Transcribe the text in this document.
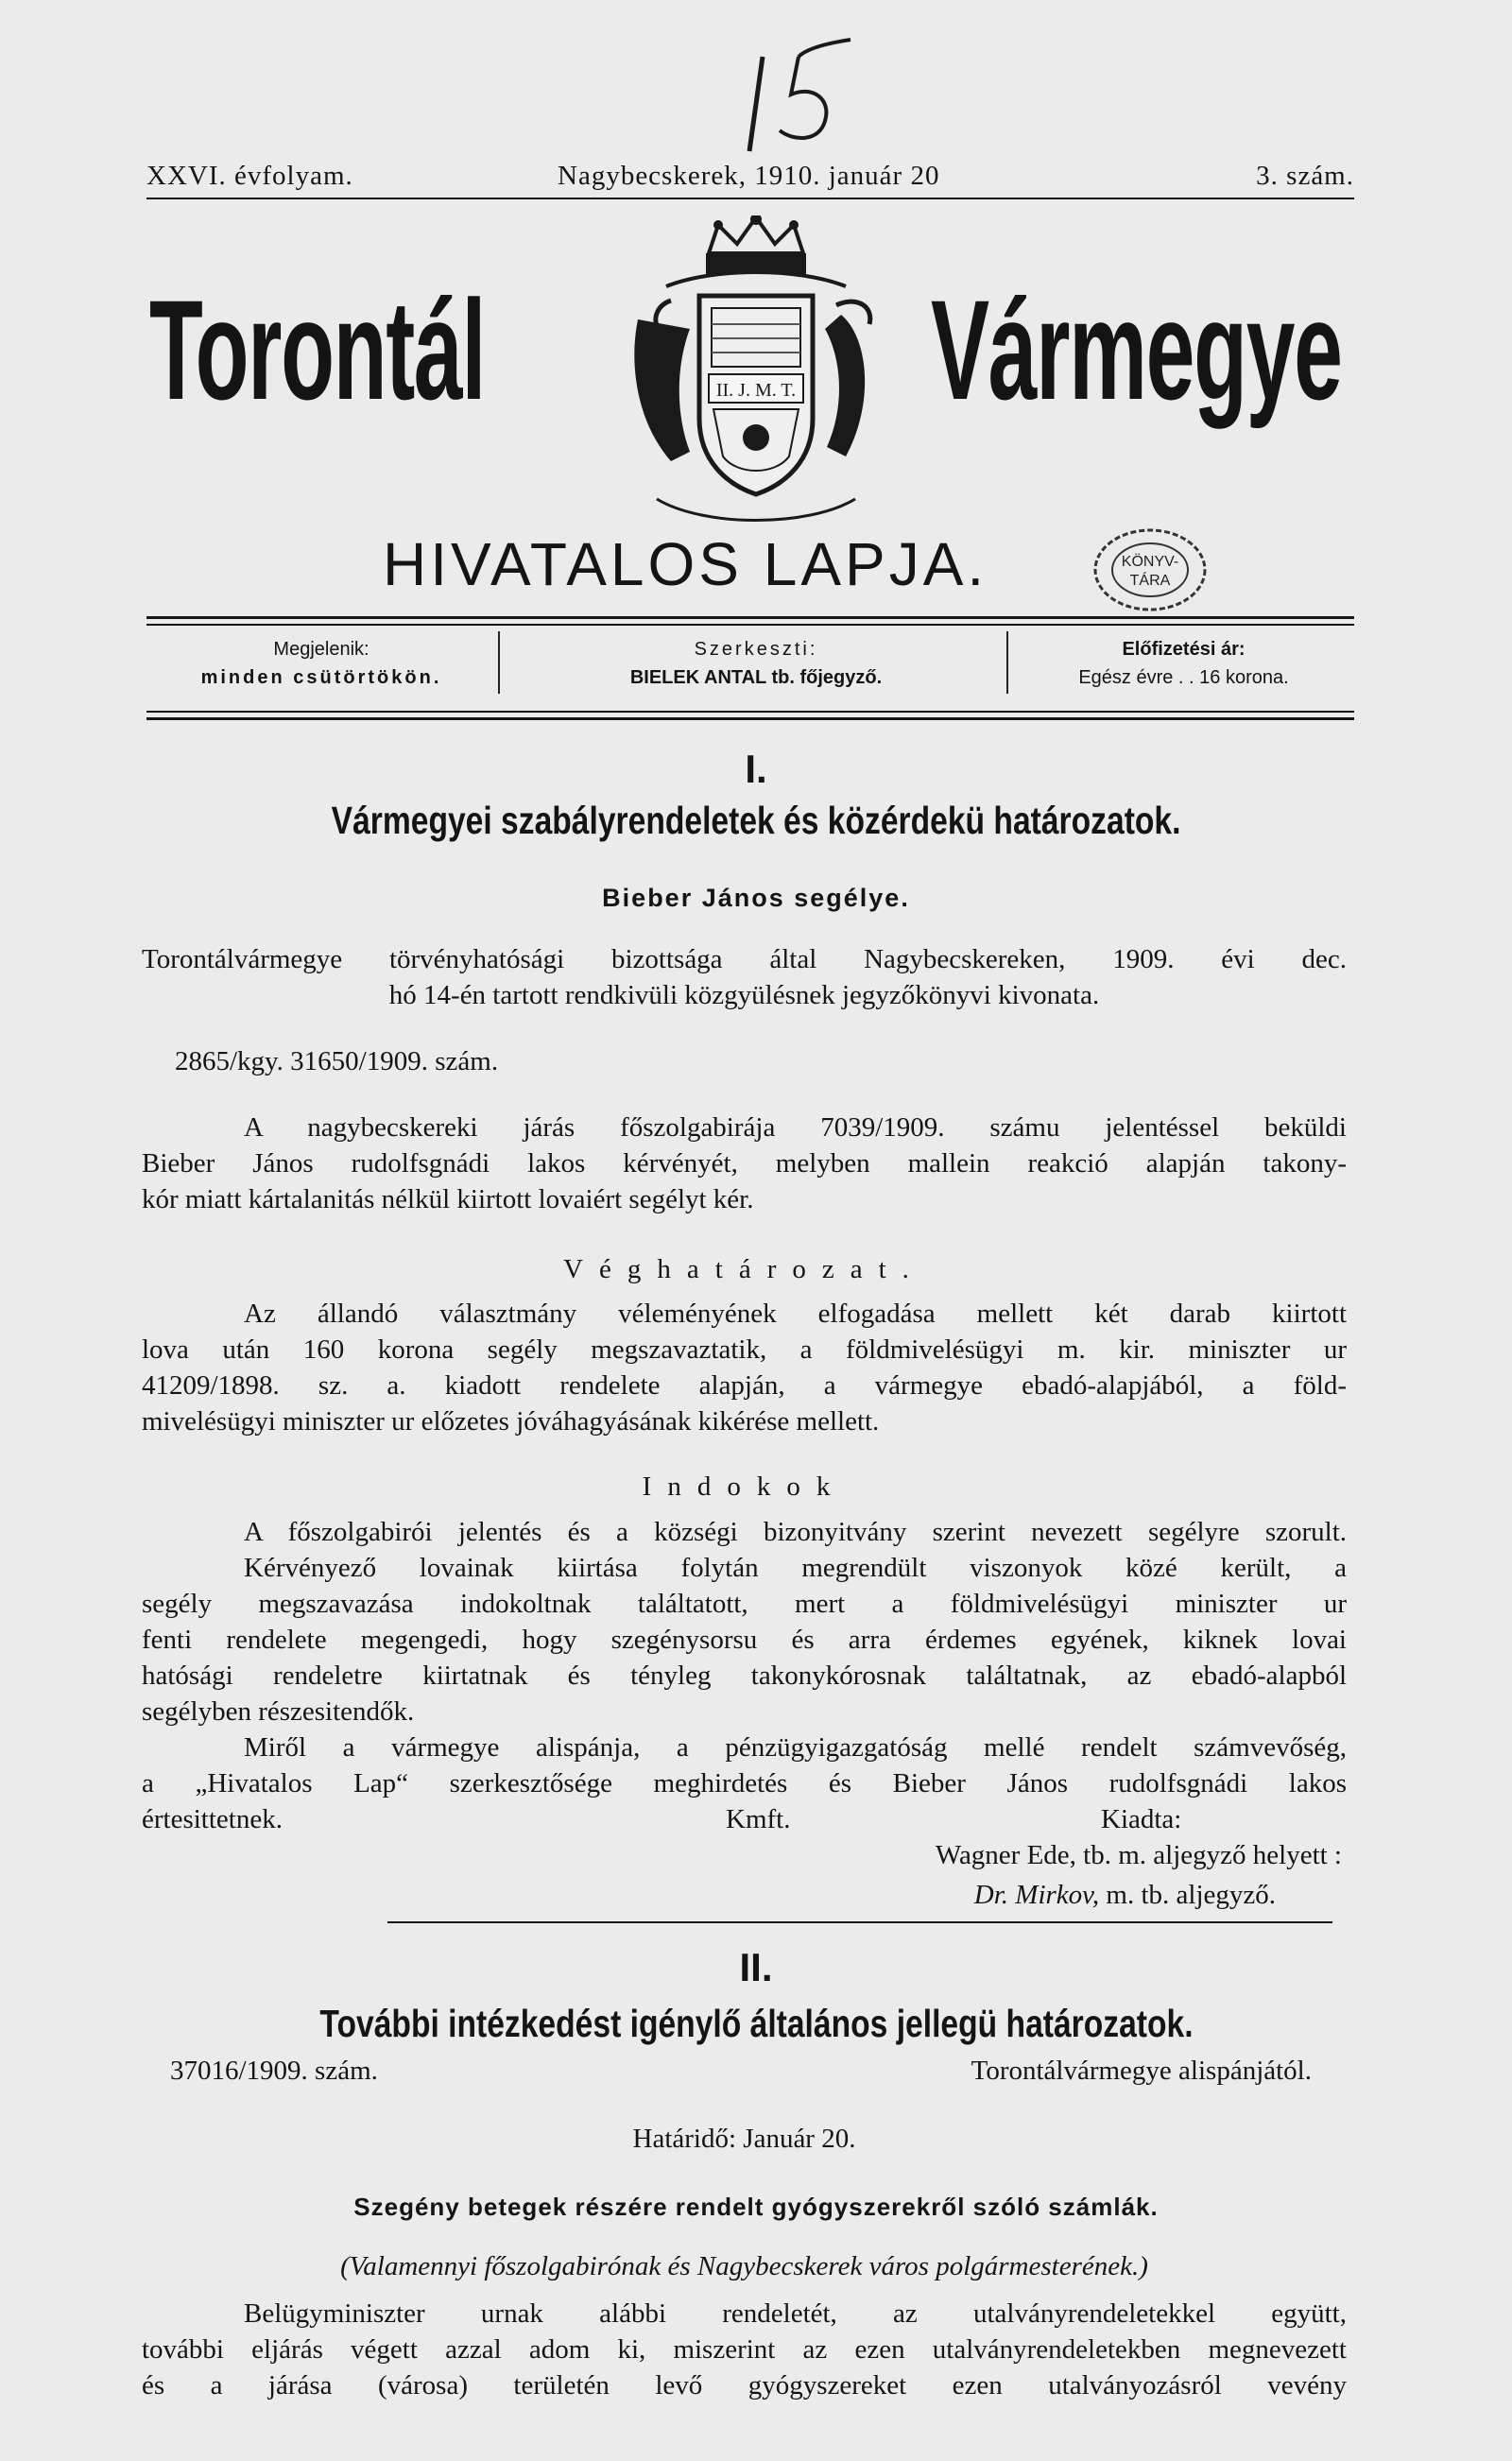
XXVI. évfolyam.	Nagybecskerek, 1910. január 20	3. szám.
Torontál	Vármegye
II. J. M. T.
HIVATALOS LAPJA.	KÖNYV-
TÁRA
Megjelenik:
minden csütörtökön.
Szerkeszti:
BIELEK ANTAL tb. főjegyző.
Előfizetési ár:
Egész évre . . 16 korona.
I.
Vármegyei szabályrendeletek és közérdekü határozatok.
Bieber János segélye.
Torontálvármegye törvényhatósági bizottsága által Nagybecskereken, 1909. évi dec.
hó 14-én tartott rendkivüli közgyülésnek jegyzőkönyvi kivonata.
2865/kgy. 31650/1909. szám.
A nagybecskereki járás főszolgabirája 7039/1909. számu jelentéssel beküldi
Bieber János rudolfsgnádi lakos kérvényét, melyben mallein reakció alapján takony-
kór miatt kártalanitás nélkül kiirtott lovaiért segélyt kér.
Véghatározat.
Az állandó választmány véleményének elfogadása mellett két darab kiirtott
lova után 160 korona segély megszavaztatik, a földmivelésügyi m. kir. miniszter ur
41209/1898. sz. a. kiadott rendelete alapján, a vármegye ebadó-alapjából, a föld-
mivelésügyi miniszter ur előzetes jóváhagyásának kikérése mellett.
Indokok
A főszolgabirói jelentés és a községi bizonyitvány szerint nevezett segélyre szorult.
Kérvényező lovainak kiirtása folytán megrendült viszonyok közé került, a
segély megszavazása indokoltnak találtatott, mert a földmivelésügyi miniszter ur
fenti rendelete megengedi, hogy szegénysorsu és arra érdemes egyének, kiknek lovai
hatósági rendeletre kiirtatnak és tényleg takonykórosnak találtatnak, az ebadó-alapból
segélyben részesitendők.
Miről a vármegye alispánja, a pénzügyigazgatóság mellé rendelt számvevőség,
a „Hivatalos Lap“ szerkesztősége meghirdetés és Bieber János rudolfsgnádi lakos
értesittetnek.	Kmft.	Kiadta:
Wagner Ede, tb. m. aljegyző helyett :
Dr. Mirkov, m. tb. aljegyző.
II.
További intézkedést igénylő általános jellegü határozatok.
37016/1909. szám.	Torontálvármegye alispánjától.
Határidő: Január 20.
Szegény betegek részére rendelt gyógyszerekről szóló számlák.
(Valamennyi főszolgabirónak és Nagybecskerek város polgármesterének.)
Belügyminiszter urnak alábbi rendeletét, az utalványrendeletekkel együtt,
további eljárás végett azzal adom ki, miszerint az ezen utalványrendeletekben megnevezett
és a járása (városa) területén levő gyógyszereket ezen utalványozásról vevény
